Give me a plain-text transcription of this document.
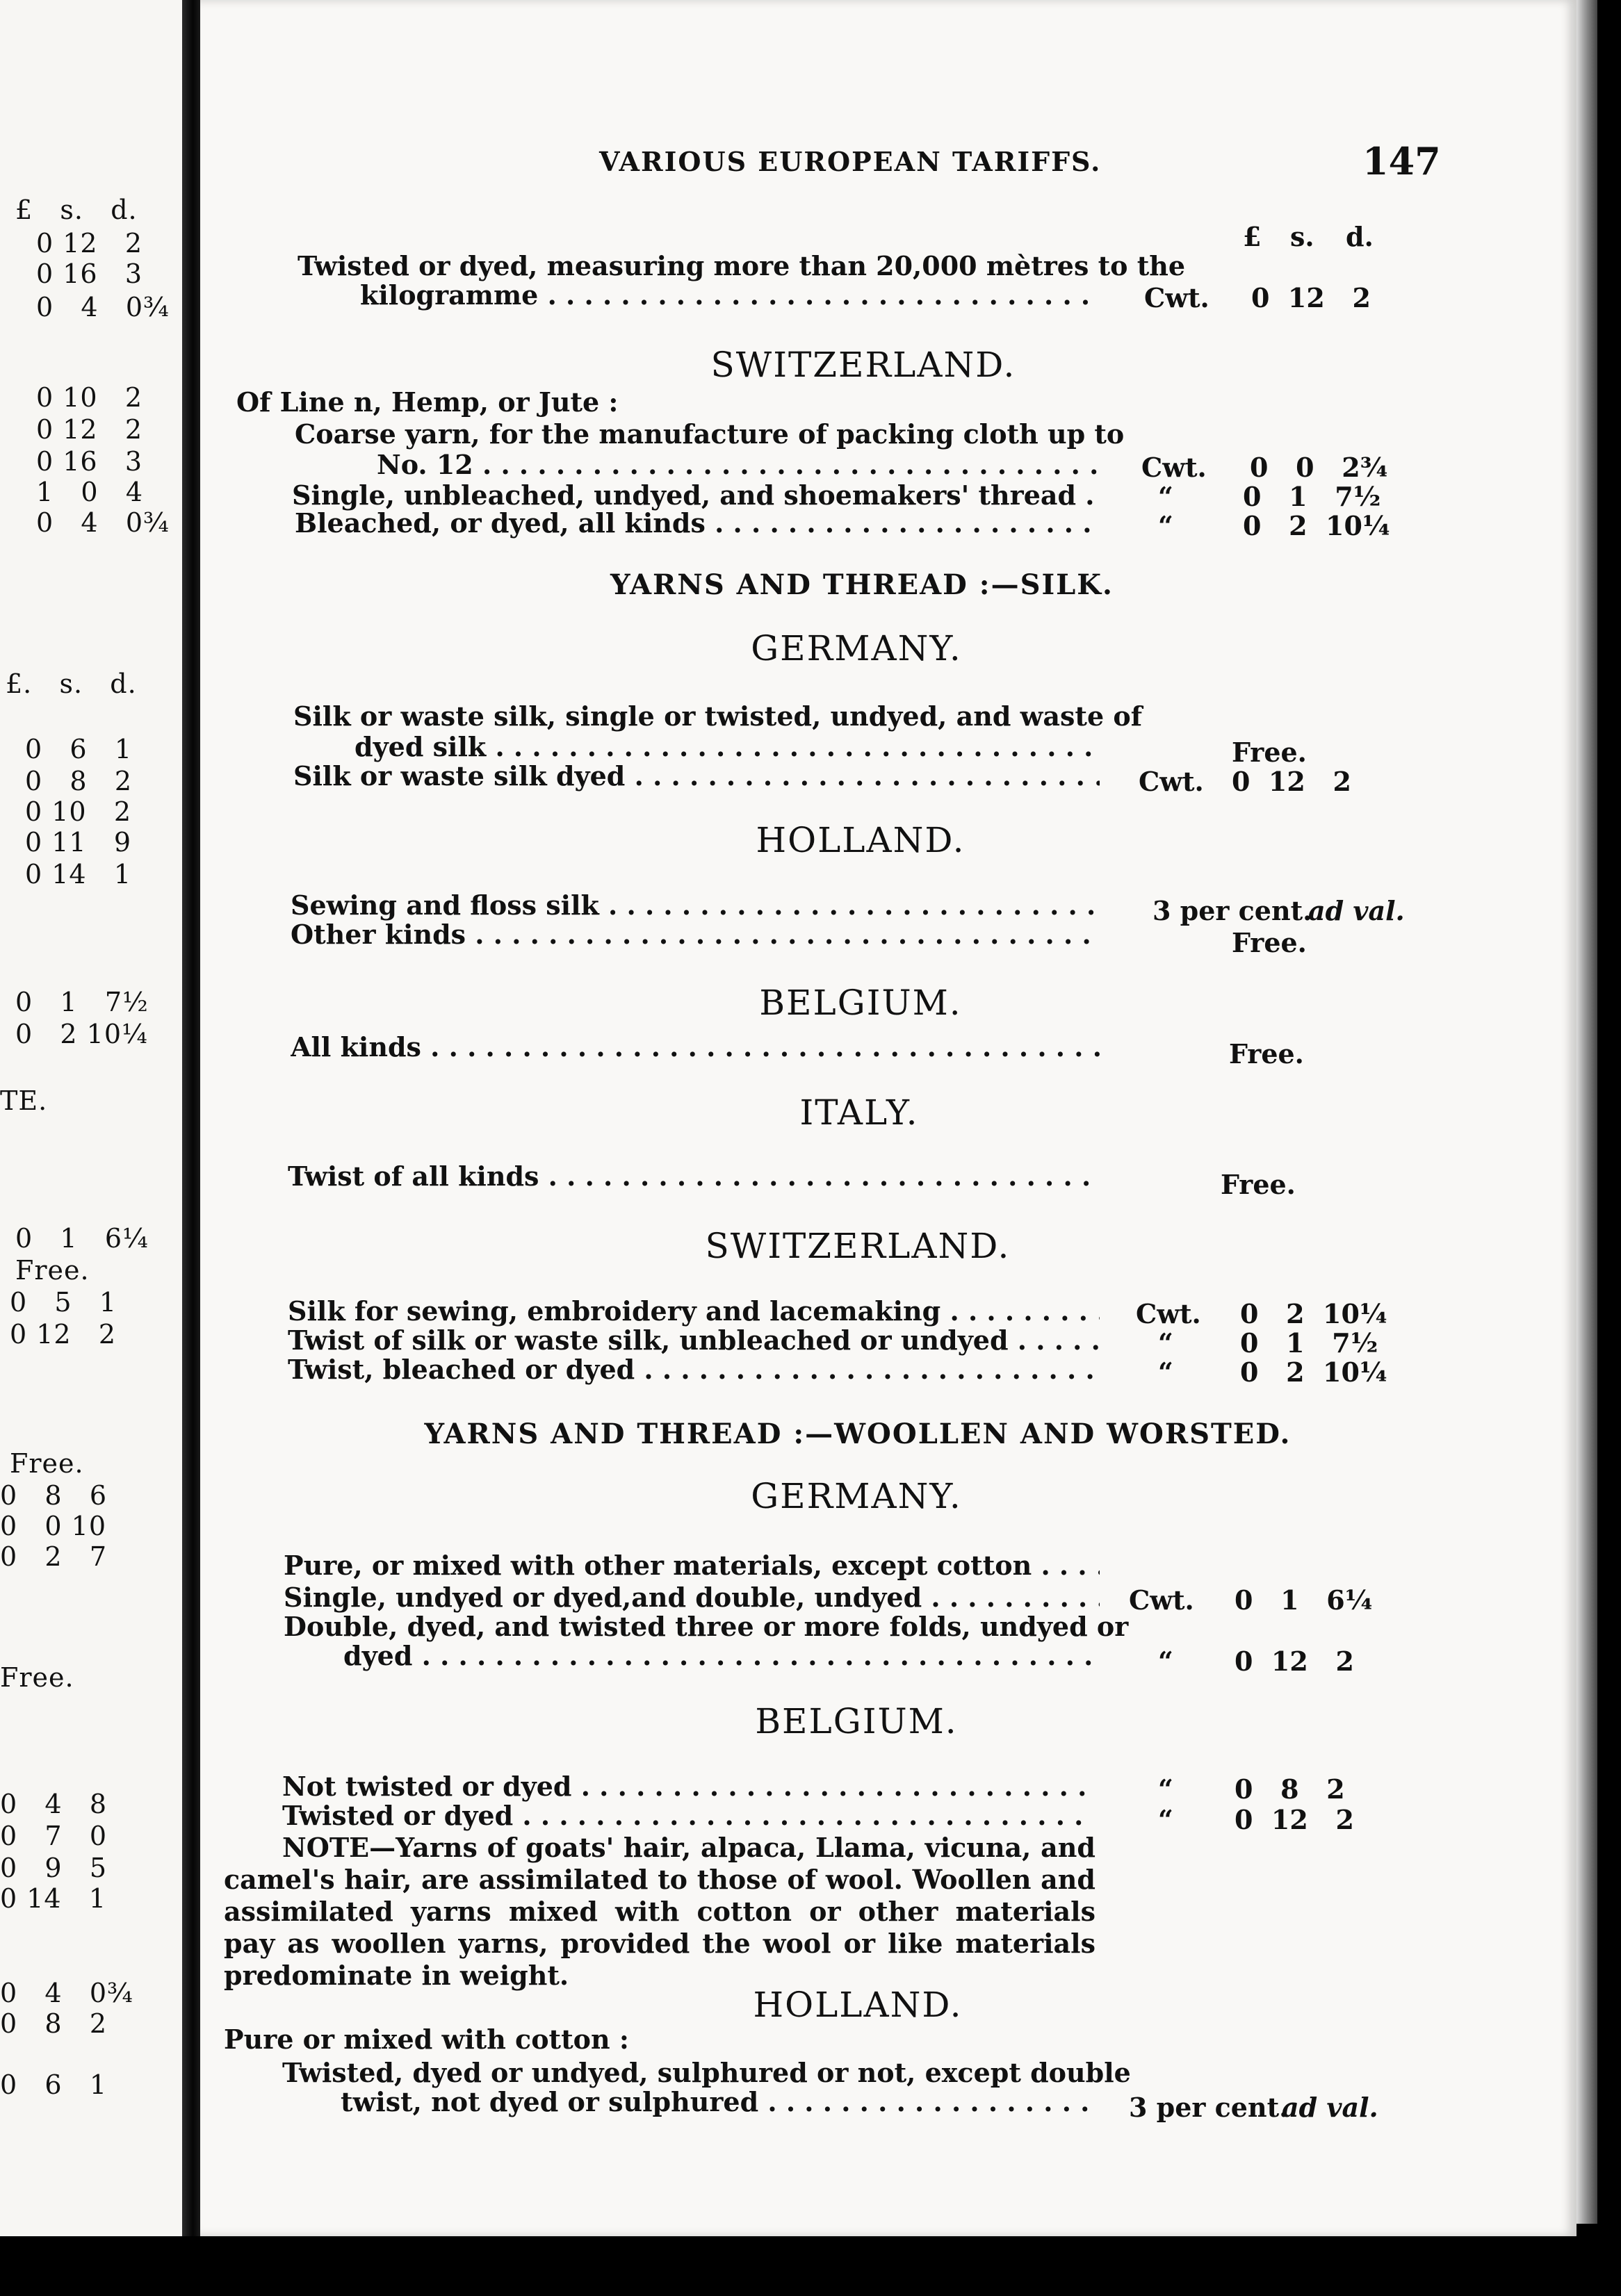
£   s.   d.
0 12   2
0 16   3
0   4   0¾
0 10   2
0 12   2
0 16   3
1   0   4
0   4   0¾
£.   s.   d.
0   6   1
0   8   2
0 10   2
0 11   9
0 14   1
0   1   7½
0   2 10¼
TE.
0   1   6¼
Free.
0   5   1
0 12   2
Free.
0   8   6
0   0 10
0   2   7
Free.
0   4   8
0   7   0
0   9   5
0 14   1
0   4   0¾
0   8   2
0   6   1
VARIOUS EUROPEAN TARIFFS.	147
£ s. d.
Twisted or dyed, measuring more than 20,000 mètres to the
kilogramme . . .	Cwt. 0  12   2
SWITZERLAND.
Of Line n, Hemp, or Jute :
Coarse yarn, for the manufacture of packing cloth up to
No. 12 . . .	Cwt. 0   0   2¾
Single, unbleached, undyed, and shoemakers' thread . . .	“	0   1   7½
Bleached, or dyed, all kinds . . .	“	0   2  10¼
YARNS AND THREAD :—SILK.
GERMANY.
Silk or waste silk, single or twisted, undyed, and waste of
dyed silk . . .	Free.
Silk or waste silk dyed . . .	Cwt. 0  12   2
HOLLAND.
Sewing and floss silk . . .	3 per cent.
ad val.
Other kinds . . .	Free.
BELGIUM.
All kinds . . .	Free.
ITALY.
Twist of all kinds . . .	Free.
SWITZERLAND.
Silk for sewing, embroidery and lacemaking . . .	Cwt. 0   2  10¼
Twist of silk or waste silk, unbleached or undyed . . .	“	0   1   7½
Twist, bleached or dyed . . .	“	0   2  10¼
YARNS AND THREAD :—WOOLLEN AND WORSTED.
GERMANY.
Pure, or mixed with other materials, except cotton . . .
Single, undyed or dyed,and double, undyed . . .	Cwt. 0   1   6¼
Double, dyed, and twisted three or more folds, undyed or
dyed . . .	“ 0  12   2
BELGIUM.
Not twisted or dyed . . .	“ 0   8   2
Twisted or dyed . . .	“ 0  12   2
NOTE—Yarns of goats' hair, alpaca, Llama, vicuna, and camel's hair, are assimilated to those of wool. Woollen and assimilated yarns mixed with cotton or other materials pay as woollen yarns, provided the wool or like materials predominate in weight.
HOLLAND.
Pure or mixed with cotton :
Twisted, dyed or undyed, sulphured or not, except double
twist, not dyed or sulphured . . .	3 per cent.
ad val.
